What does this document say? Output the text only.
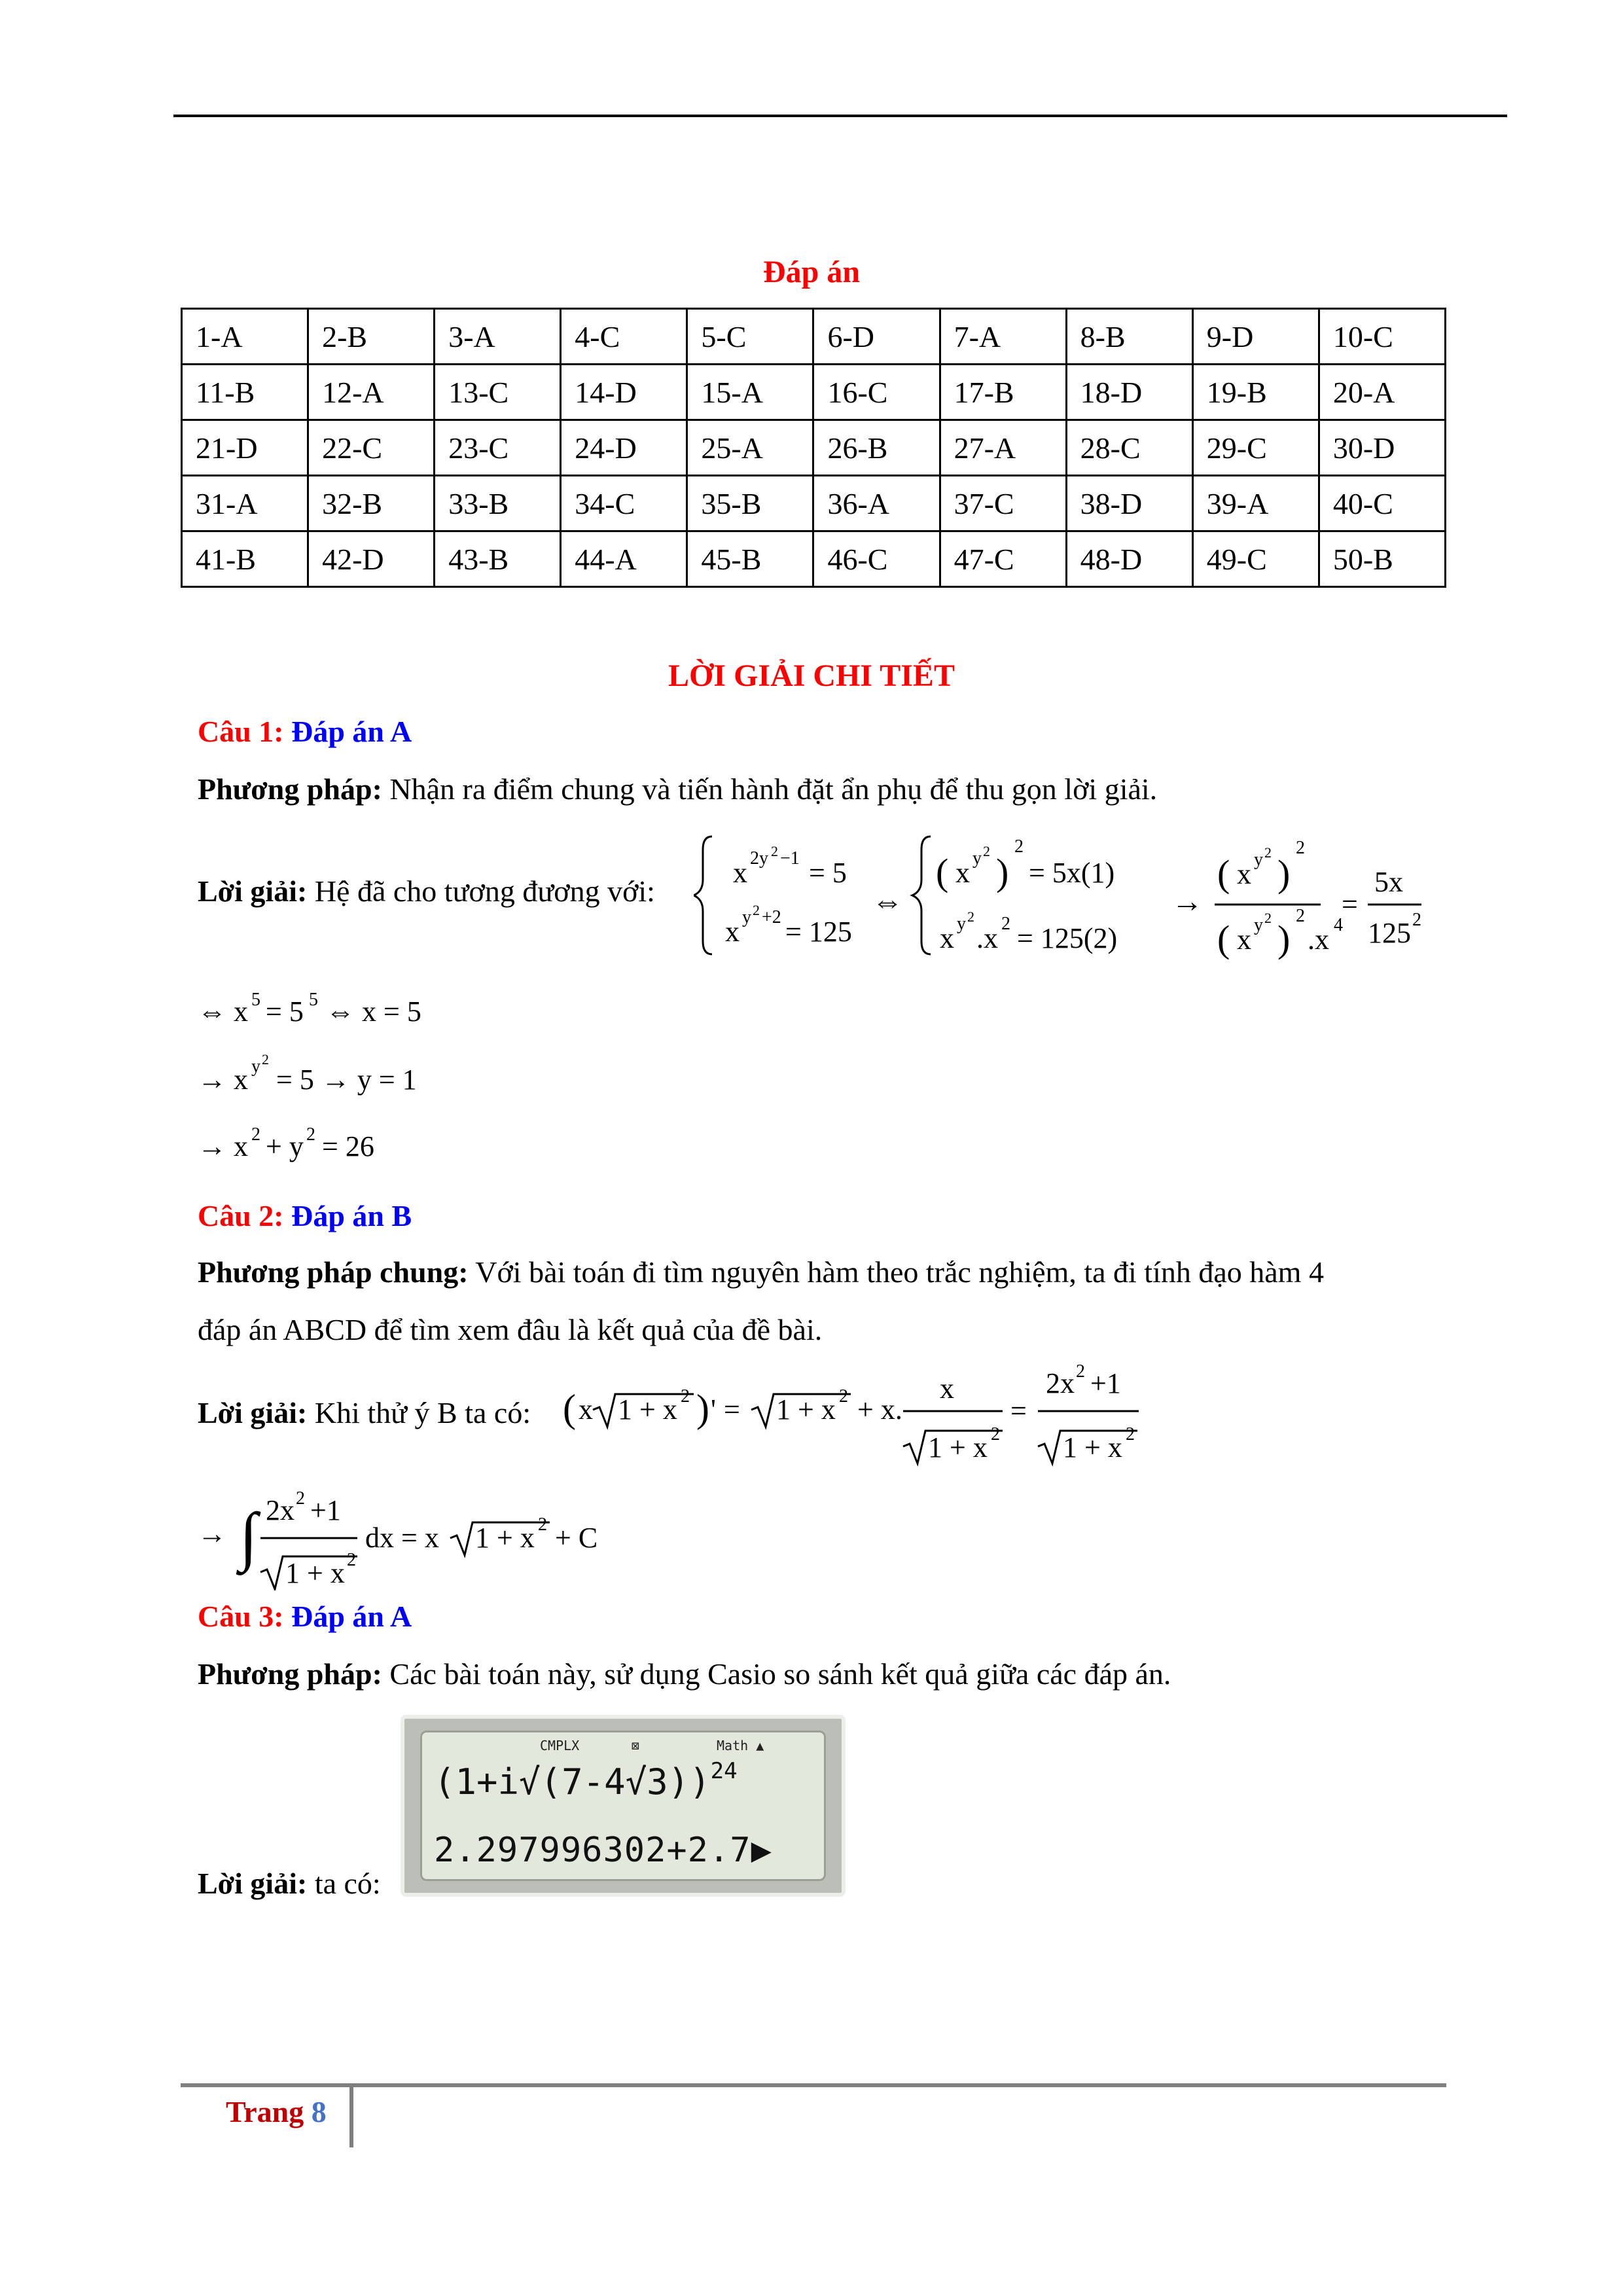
Đáp án
1-A	2-B	3-A	4-C	5-C	6-D	7-A	8-B	9-D	10-C
11-B	12-A	13-C	14-D	15-A	16-C	17-B	18-D	19-B	20-A
21-D	22-C	23-C	24-D	25-A	26-B	27-A	28-C	29-C	30-D
31-A	32-B	33-B	34-C	35-B	36-A	37-C	38-D	39-A	40-C
41-B	42-D	43-B	44-A	45-B	46-C	47-C	48-D	49-C	50-B
LỜI GIẢI CHI TIẾT
Câu 1: Đáp án A
Phương pháp: Nhận ra điểm chung và tiến hành đặt ẩn phụ để thu gọn lời giải.
Lời giải: Hệ đã cho tương đương với:
x 2y 2 −1 = 5
x y 2 +2 = 125
⇔
( x y 2 )
2
= 5x(1)
x y 2
.x 2 = 125(2)
→
( x y 2 )
2
( x y 2 )
2
.x 4
=
5x
125 2
⇔ x 5 = 5 5 ⇔ x = 5
→ x y 2
= 5 → y = 1
→ x 2 + y 2 = 26
Câu 2: Đáp án B
Phương pháp chung: Với bài toán đi tìm nguyên hàm theo trắc nghiệm, ta đi tính đạo hàm 4
đáp án ABCD để tìm xem đâu là kết quả của đề bài.
Lời giải: Khi thử ý B ta có: ( x 1 + x 2 ) ' = 1 + x 2 + x.
x
1 + x 2
=
2x 2 +1
1 + x 2
→ ∫ 2x 2 +1
1 + x 2
dx = x 1 + x 2 + C
Câu 3: Đáp án A
Phương pháp: Các bài toán này, sử dụng Casio so sánh kết quả giữa các đáp án.
Lời giải: ta có:
CMPLX	⊠	Math ▲
$(1+i√(7-4√3))^{24}$
2.297996302+2.7▶
Trang 8
